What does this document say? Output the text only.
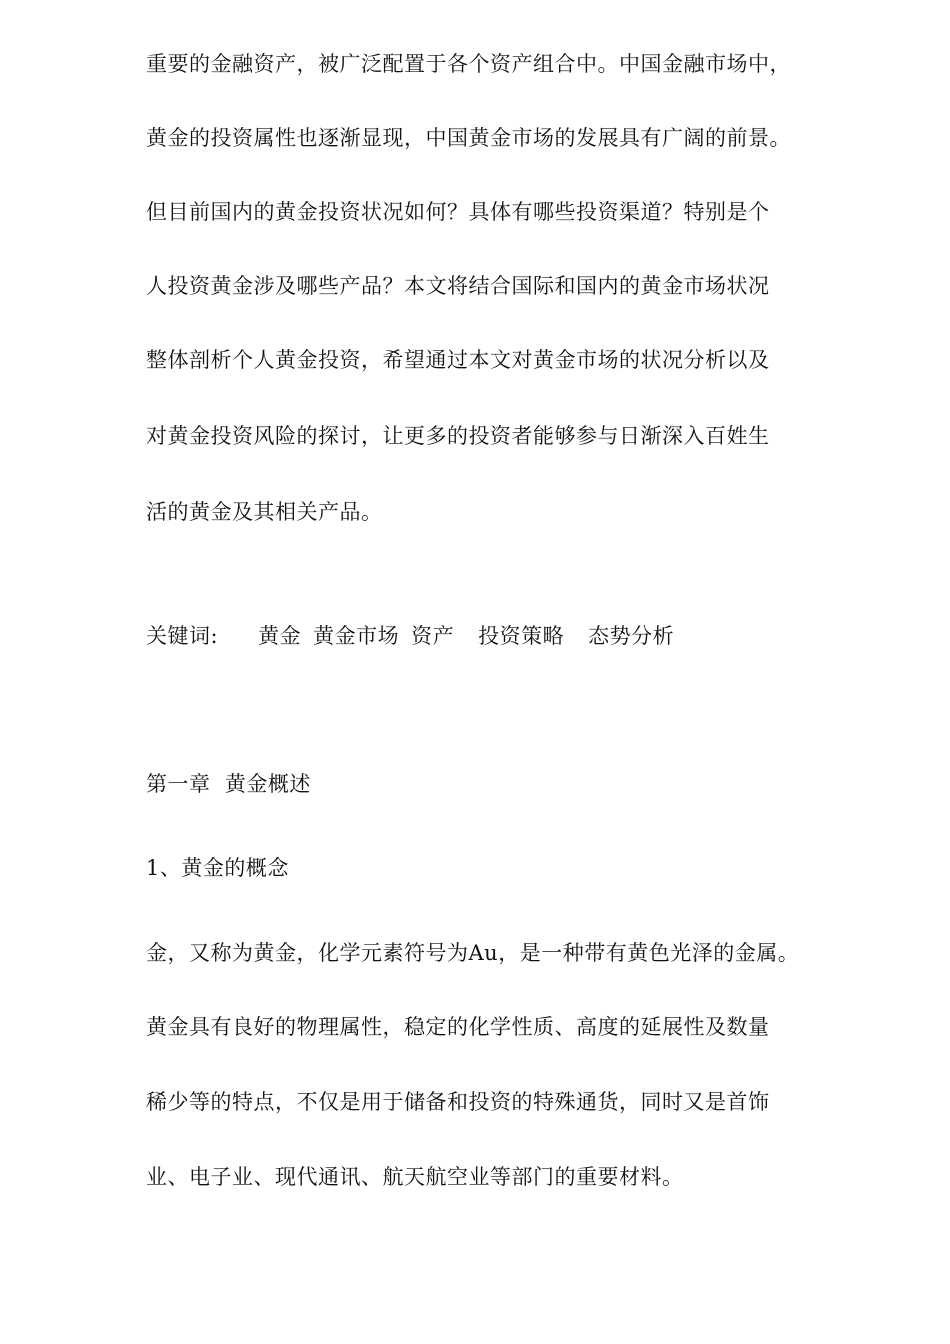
重要的金融资产，被广泛配置于各个资产组合中。中国金融市场中，
黄金的投资属性也逐渐显现，中国黄金市场的发展具有广阔的前景。
但目前国内的黄金投资状况如何？具体有哪些投资渠道？特别是个
人投资黄金涉及哪些产品？本文将结合国际和国内的黄金市场状况
整体剖析个人黄金投资，希望通过本文对黄金市场的状况分析以及
对黄金投资风险的探讨，让更多的投资者能够参与日渐深入百姓生
活的黄金及其相关产品。
关键词: 黄金 黄金市场 资产 投资策略 态势分析
第一章  黄金概述
1、黄金的概念
金，又称为黄金，化学元素符号为Au，是一种带有黄色光泽的金属。
黄金具有良好的物理属性，稳定的化学性质、高度的延展性及数量
稀少等的特点，不仅是用于储备和投资的特殊通货，同时又是首饰
业、电子业、现代通讯、航天航空业等部门的重要材料。
